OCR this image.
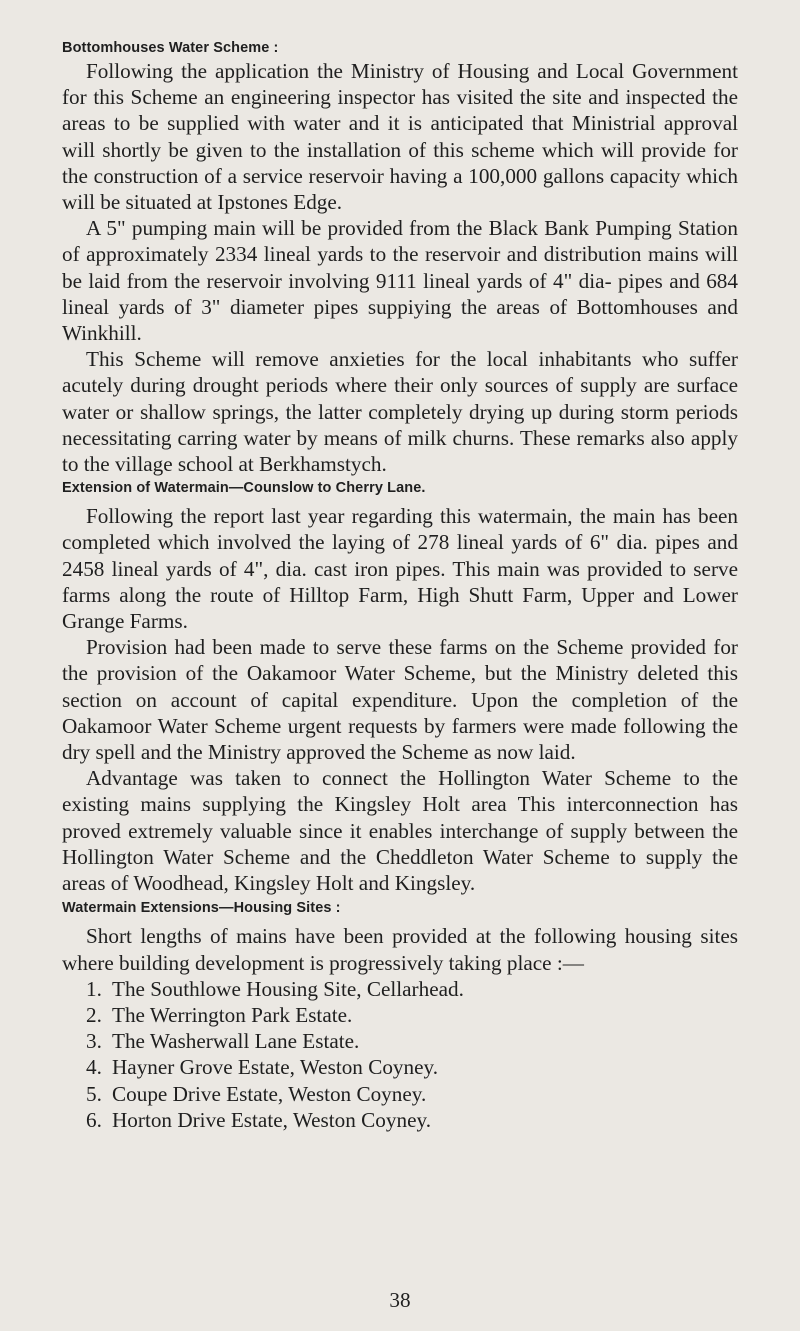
Bottomhouses Water Scheme :

Following the application the Ministry of Housing and Local Government for this Scheme an engineering inspector has visited the site and inspected the areas to be supplied with water and it is anticipated that Ministrial approval will shortly be given to the installation of this scheme which will provide for the construction of a service reservoir having a 100,000 gallons capacity which will be situated at Ipstones Edge.

A 5" pumping main will be provided from the Black Bank Pumping Station of approximately 2334 lineal yards to the reservoir and distribution mains will be laid from the reservoir involving 9111 lineal yards of 4" dia- pipes and 684 lineal yards of 3" diameter pipes suppiying the areas of Bottomhouses and Winkhill.

This Scheme will remove anxieties for the local inhabitants who suffer acutely during drought periods where their only sources of supply are surface water or shallow springs, the latter completely drying up during storm periods necessitating carring water by means of milk churns. These remarks also apply to the village school at Berkhamstych.

Extension of Watermain—Counslow to Cherry Lane.

Following the report last year regarding this watermain, the main has been completed which involved the laying of 278 lineal yards of 6" dia. pipes and 2458 lineal yards of 4", dia. cast iron pipes. This main was provided to serve farms along the route of Hilltop Farm, High Shutt Farm, Upper and Lower Grange Farms.

Provision had been made to serve these farms on the Scheme provided for the provision of the Oakamoor Water Scheme, but the Ministry deleted this section on account of capital expenditure. Upon the completion of the Oakamoor Water Scheme urgent requests by farmers were made following the dry spell and the Ministry approved the Scheme as now laid.

Advantage was taken to connect the Hollington Water Scheme to the existing mains supplying the Kingsley Holt area This interconnection has proved extremely valuable since it enables interchange of supply between the Hollington Water Scheme and the Cheddleton Water Scheme to supply the areas of Woodhead, Kingsley Holt and Kingsley.

Watermain Extensions—Housing Sites :

Short lengths of mains have been provided at the following housing sites where building development is progressively taking place :—

1. The Southlowe Housing Site, Cellarhead.
2. The Werrington Park Estate.
3. The Washerwall Lane Estate.
4. Hayner Grove Estate, Weston Coyney.
5. Coupe Drive Estate, Weston Coyney.
6. Horton Drive Estate, Weston Coyney.
38
